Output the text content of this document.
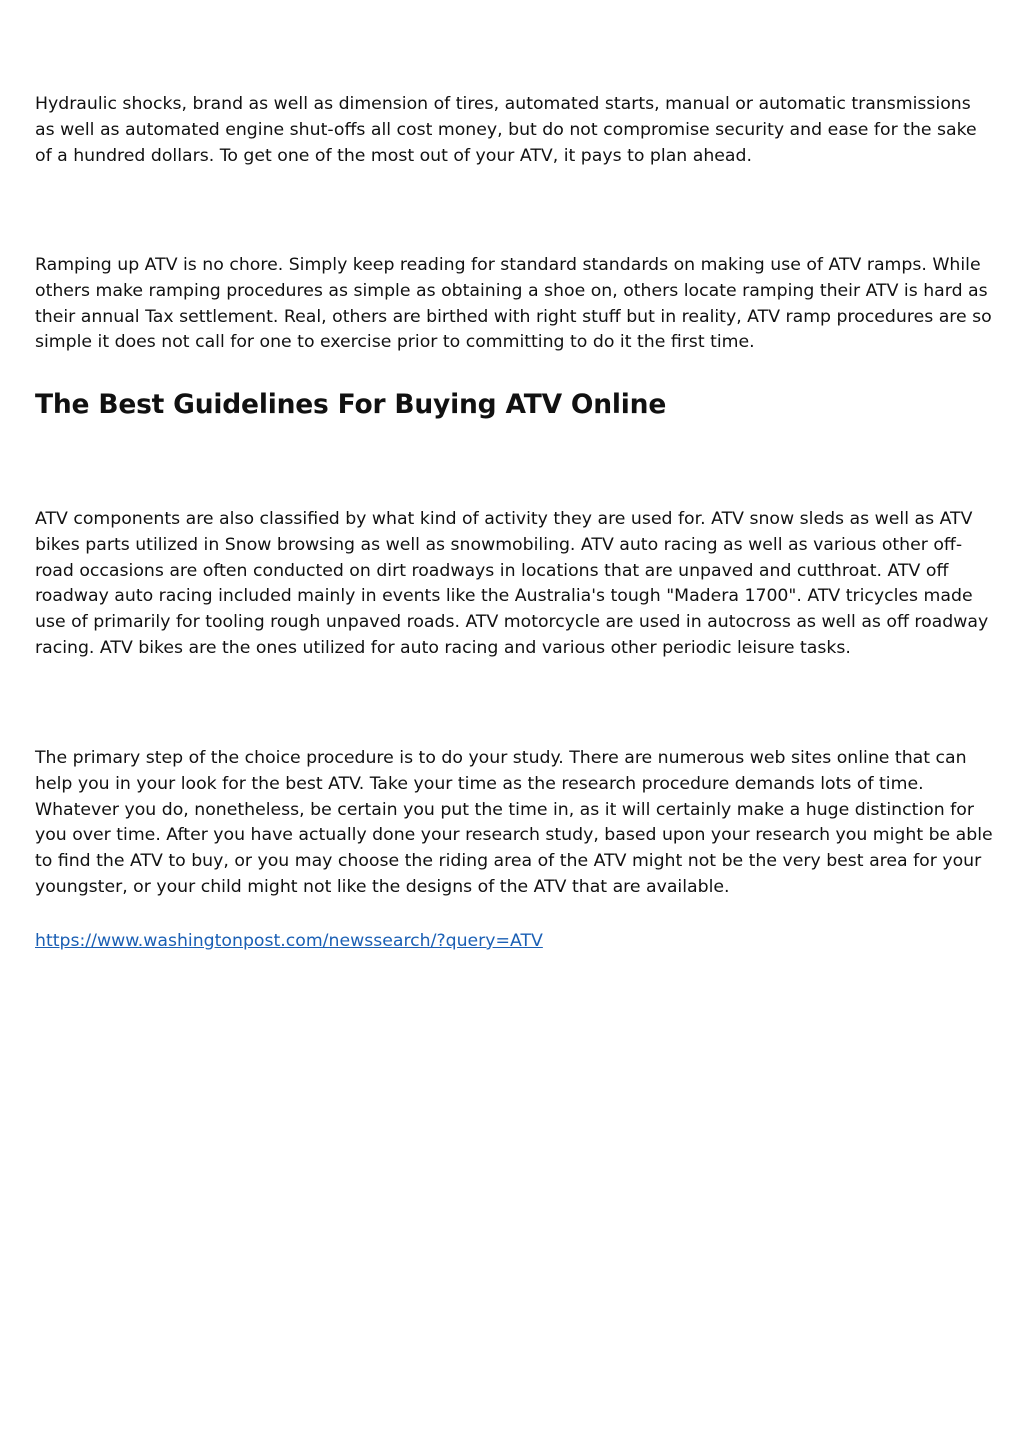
Hydraulic shocks, brand as well as dimension of tires, automated starts, manual or automatic transmissions as well as automated engine shut-offs all cost money, but do not compromise security and ease for the sake of a hundred dollars. To get one of the most out of your ATV, it pays to plan ahead.

Ramping up ATV is no chore. Simply keep reading for standard standards on making use of ATV ramps. While others make ramping procedures as simple as obtaining a shoe on, others locate ramping their ATV is hard as their annual Tax settlement. Real, others are birthed with right stuff but in reality, ATV ramp procedures are so simple it does not call for one to exercise prior to committing to do it the first time.

The Best Guidelines For Buying ATV Online

ATV components are also classified by what kind of activity they are used for. ATV snow sleds as well as ATV bikes parts utilized in Snow browsing as well as snowmobiling. ATV auto racing as well as various other off-road occasions are often conducted on dirt roadways in locations that are unpaved and cutthroat. ATV off roadway auto racing included mainly in events like the Australia's tough "Madera 1700". ATV tricycles made use of primarily for tooling rough unpaved roads. ATV motorcycle are used in autocross as well as off roadway racing. ATV bikes are the ones utilized for auto racing and various other periodic leisure tasks.

The primary step of the choice procedure is to do your study. There are numerous web sites online that can help you in your look for the best ATV. Take your time as the research procedure demands lots of time. Whatever you do, nonetheless, be certain you put the time in, as it will certainly make a huge distinction for you over time. After you have actually done your research study, based upon your research you might be able to find the ATV to buy, or you may choose the riding area of the ATV might not be the very best area for your youngster, or your child might not like the designs of the ATV that are available.

https://www.washingtonpost.com/newssearch/?query=ATV
